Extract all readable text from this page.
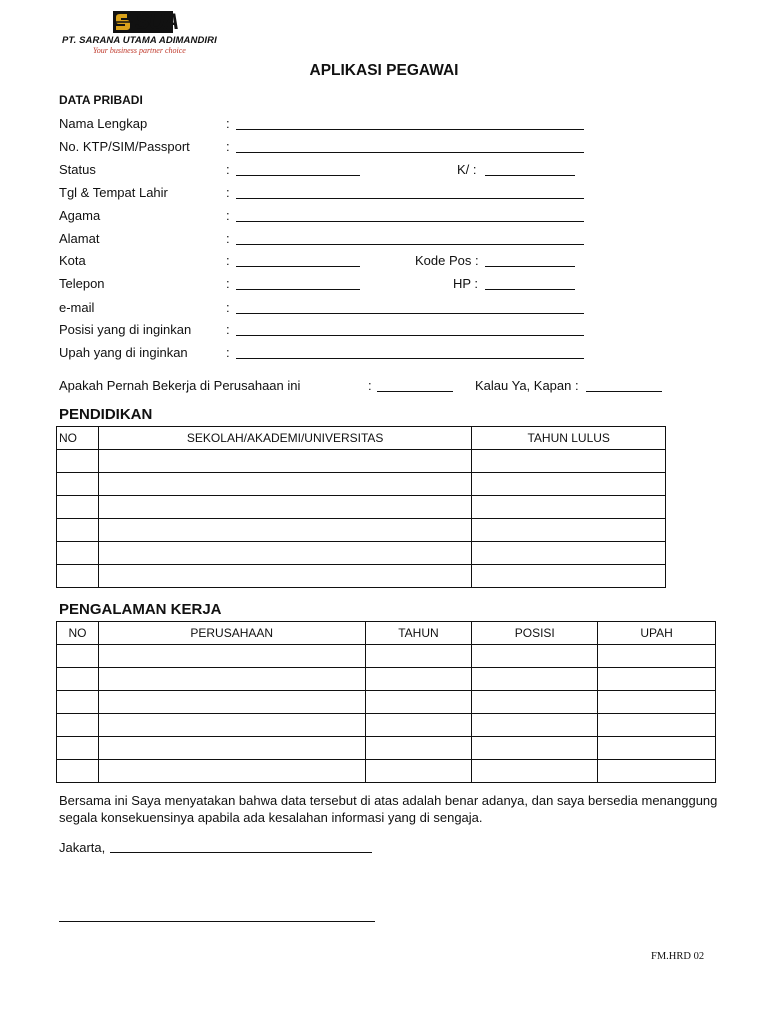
SUA
PT. SARANA UTAMA ADIMANDIRI
Your business partner choice
APLIKASI PEGAWAI
DATA PRIBADI
Nama Lengkap	:
No. KTP/SIM/Passport	:
Status	:	K/ :
Tgl & Tempat Lahir	:
Agama	:
Alamat	:
Kota	:	Kode Pos :
Telepon	:	HP :
e-mail	:
Posisi yang di inginkan	:
Upah yang di inginkan	:
Apakah Pernah Bekerja di Perusahaan ini	:	Kalau Ya, Kapan :
PENDIDIKAN
NO	SEKOLAH/AKADEMI/UNIVERSITAS	TAHUN LULUS

PENGALAMAN KERJA
NO	PERUSAHAAN	TAHUN	POSISI	UPAH

Bersama ini Saya menyatakan bahwa data tersebut di atas adalah benar adanya, dan saya bersedia menanggung segala konsekuensinya apabila ada kesalahan informasi yang di sengaja.
Jakarta,
FM.HRD 02
